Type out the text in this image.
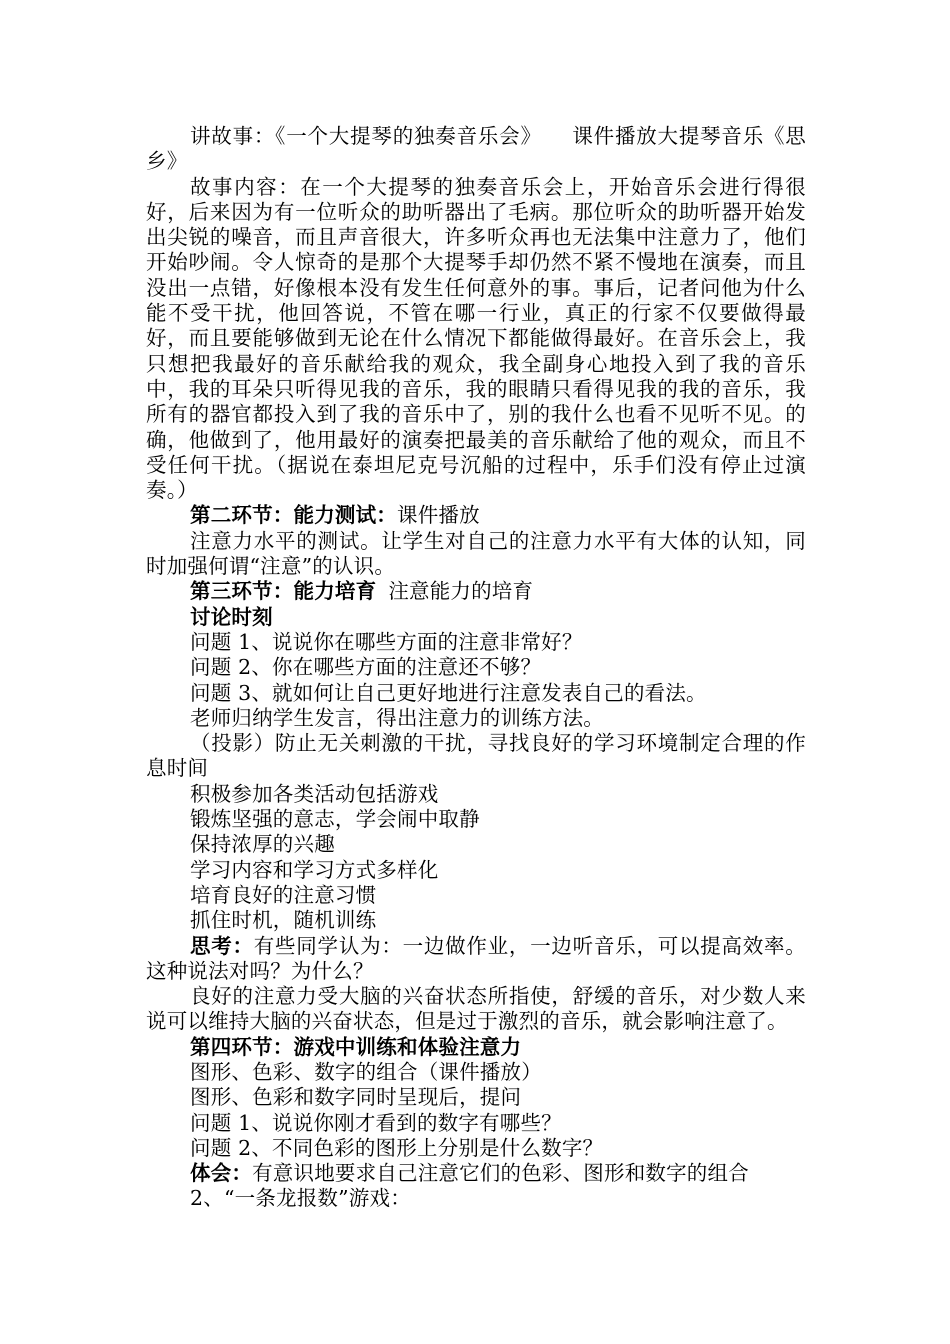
讲故事：《一个大提琴的独奏音乐会》 课件播放大提琴音乐《思乡》

故事内容：在一个大提琴的独奏音乐会上，开始音乐会进行得很好，后来因为有一位听众的助听器出了毛病。那位听众的助听器开始发出尖锐的噪音，而且声音很大，许多听众再也无法集中注意力了，他们开始吵闹。令人惊奇的是那个大提琴手却仍然不紧不慢地在演奏，而且没出一点错，好像根本没有发生任何意外的事。事后，记者问他为什么能不受干扰，他回答说，不管在哪一行业，真正的行家不仅要做得最好，而且要能够做到无论在什么情况下都能做得最好。在音乐会上，我只想把我最好的音乐献给我的观众，我全副身心地投入到了我的音乐中，我的耳朵只听得见我的音乐，我的眼睛只看得见我的我的音乐，我所有的器官都投入到了我的音乐中了，别的我什么也看不见听不见。的确，他做到了，他用最好的演奏把最美的音乐献给了他的观众，而且不受任何干扰。（据说在泰坦尼克号沉船的过程中，乐手们没有停止过演奏。）

第二环节：能力测试：课件播放

注意力水平的测试。让学生对自己的注意力水平有大体的认知，同时加强何谓“注意”的认识。

第三环节：能力培育 注意能力的培育

讨论时刻

问题 1、说说你在哪些方面的注意非常好？

问题 2、你在哪些方面的注意还不够？

问题 3、就如何让自己更好地进行注意发表自己的看法。

老师归纳学生发言，得出注意力的训练方法。

（投影）防止无关刺激的干扰，寻找良好的学习环境制定合理的作息时间

积极参加各类活动包括游戏

锻炼坚强的意志，学会闹中取静

保持浓厚的兴趣

学习内容和学习方式多样化

培育良好的注意习惯

抓住时机，随机训练

思考：有些同学认为：一边做作业，一边听音乐，可以提高效率。这种说法对吗？为什么？

良好的注意力受大脑的兴奋状态所指使，舒缓的音乐，对少数人来说可以维持大脑的兴奋状态，但是过于激烈的音乐，就会影响注意了。

第四环节：游戏中训练和体验注意力

图形、色彩、数字的组合（课件播放）

图形、色彩和数字同时呈现后，提问

问题 1、说说你刚才看到的数字有哪些？

问题 2、不同色彩的图形上分别是什么数字？

体会：有意识地要求自己注意它们的色彩、图形和数字的组合

2、“一条龙报数”游戏：
